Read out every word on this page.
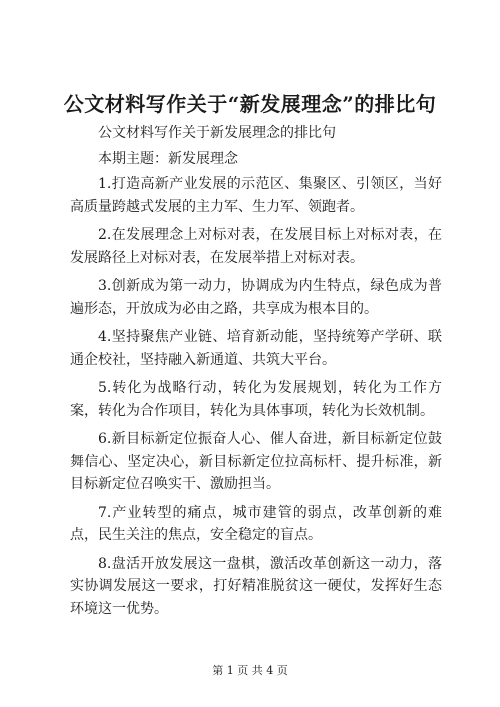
公文材料写作关于“新发展理念”的排比句

公文材料写作关于新发展理念的排比句

本期主题：新发展理念

1.打造高新产业发展的示范区、集聚区、引领区，当好高质量跨越式发展的主力军、生力军、领跑者。

2.在发展理念上对标对表，在发展目标上对标对表，在发展路径上对标对表，在发展举措上对标对表。

3.创新成为第一动力，协调成为内生特点，绿色成为普遍形态，开放成为必由之路，共享成为根本目的。

4.坚持聚焦产业链、培育新动能，坚持统筹产学研、联通企校社，坚持融入新通道、共筑大平台。

5.转化为战略行动，转化为发展规划，转化为工作方案，转化为合作项目，转化为具体事项，转化为长效机制。

6.新目标新定位振奋人心、催人奋进，新目标新定位鼓舞信心、坚定决心，新目标新定位拉高标杆、提升标准，新目标新定位召唤实干、激励担当。

7.产业转型的痛点，城市建管的弱点，改革创新的难点，民生关注的焦点，安全稳定的盲点。

8.盘活开放发展这一盘棋，激活改革创新这一动力，落实协调发展这一要求，打好精准脱贫这一硬仗，发挥好生态环境这一优势。

第 1 页 共 4 页
